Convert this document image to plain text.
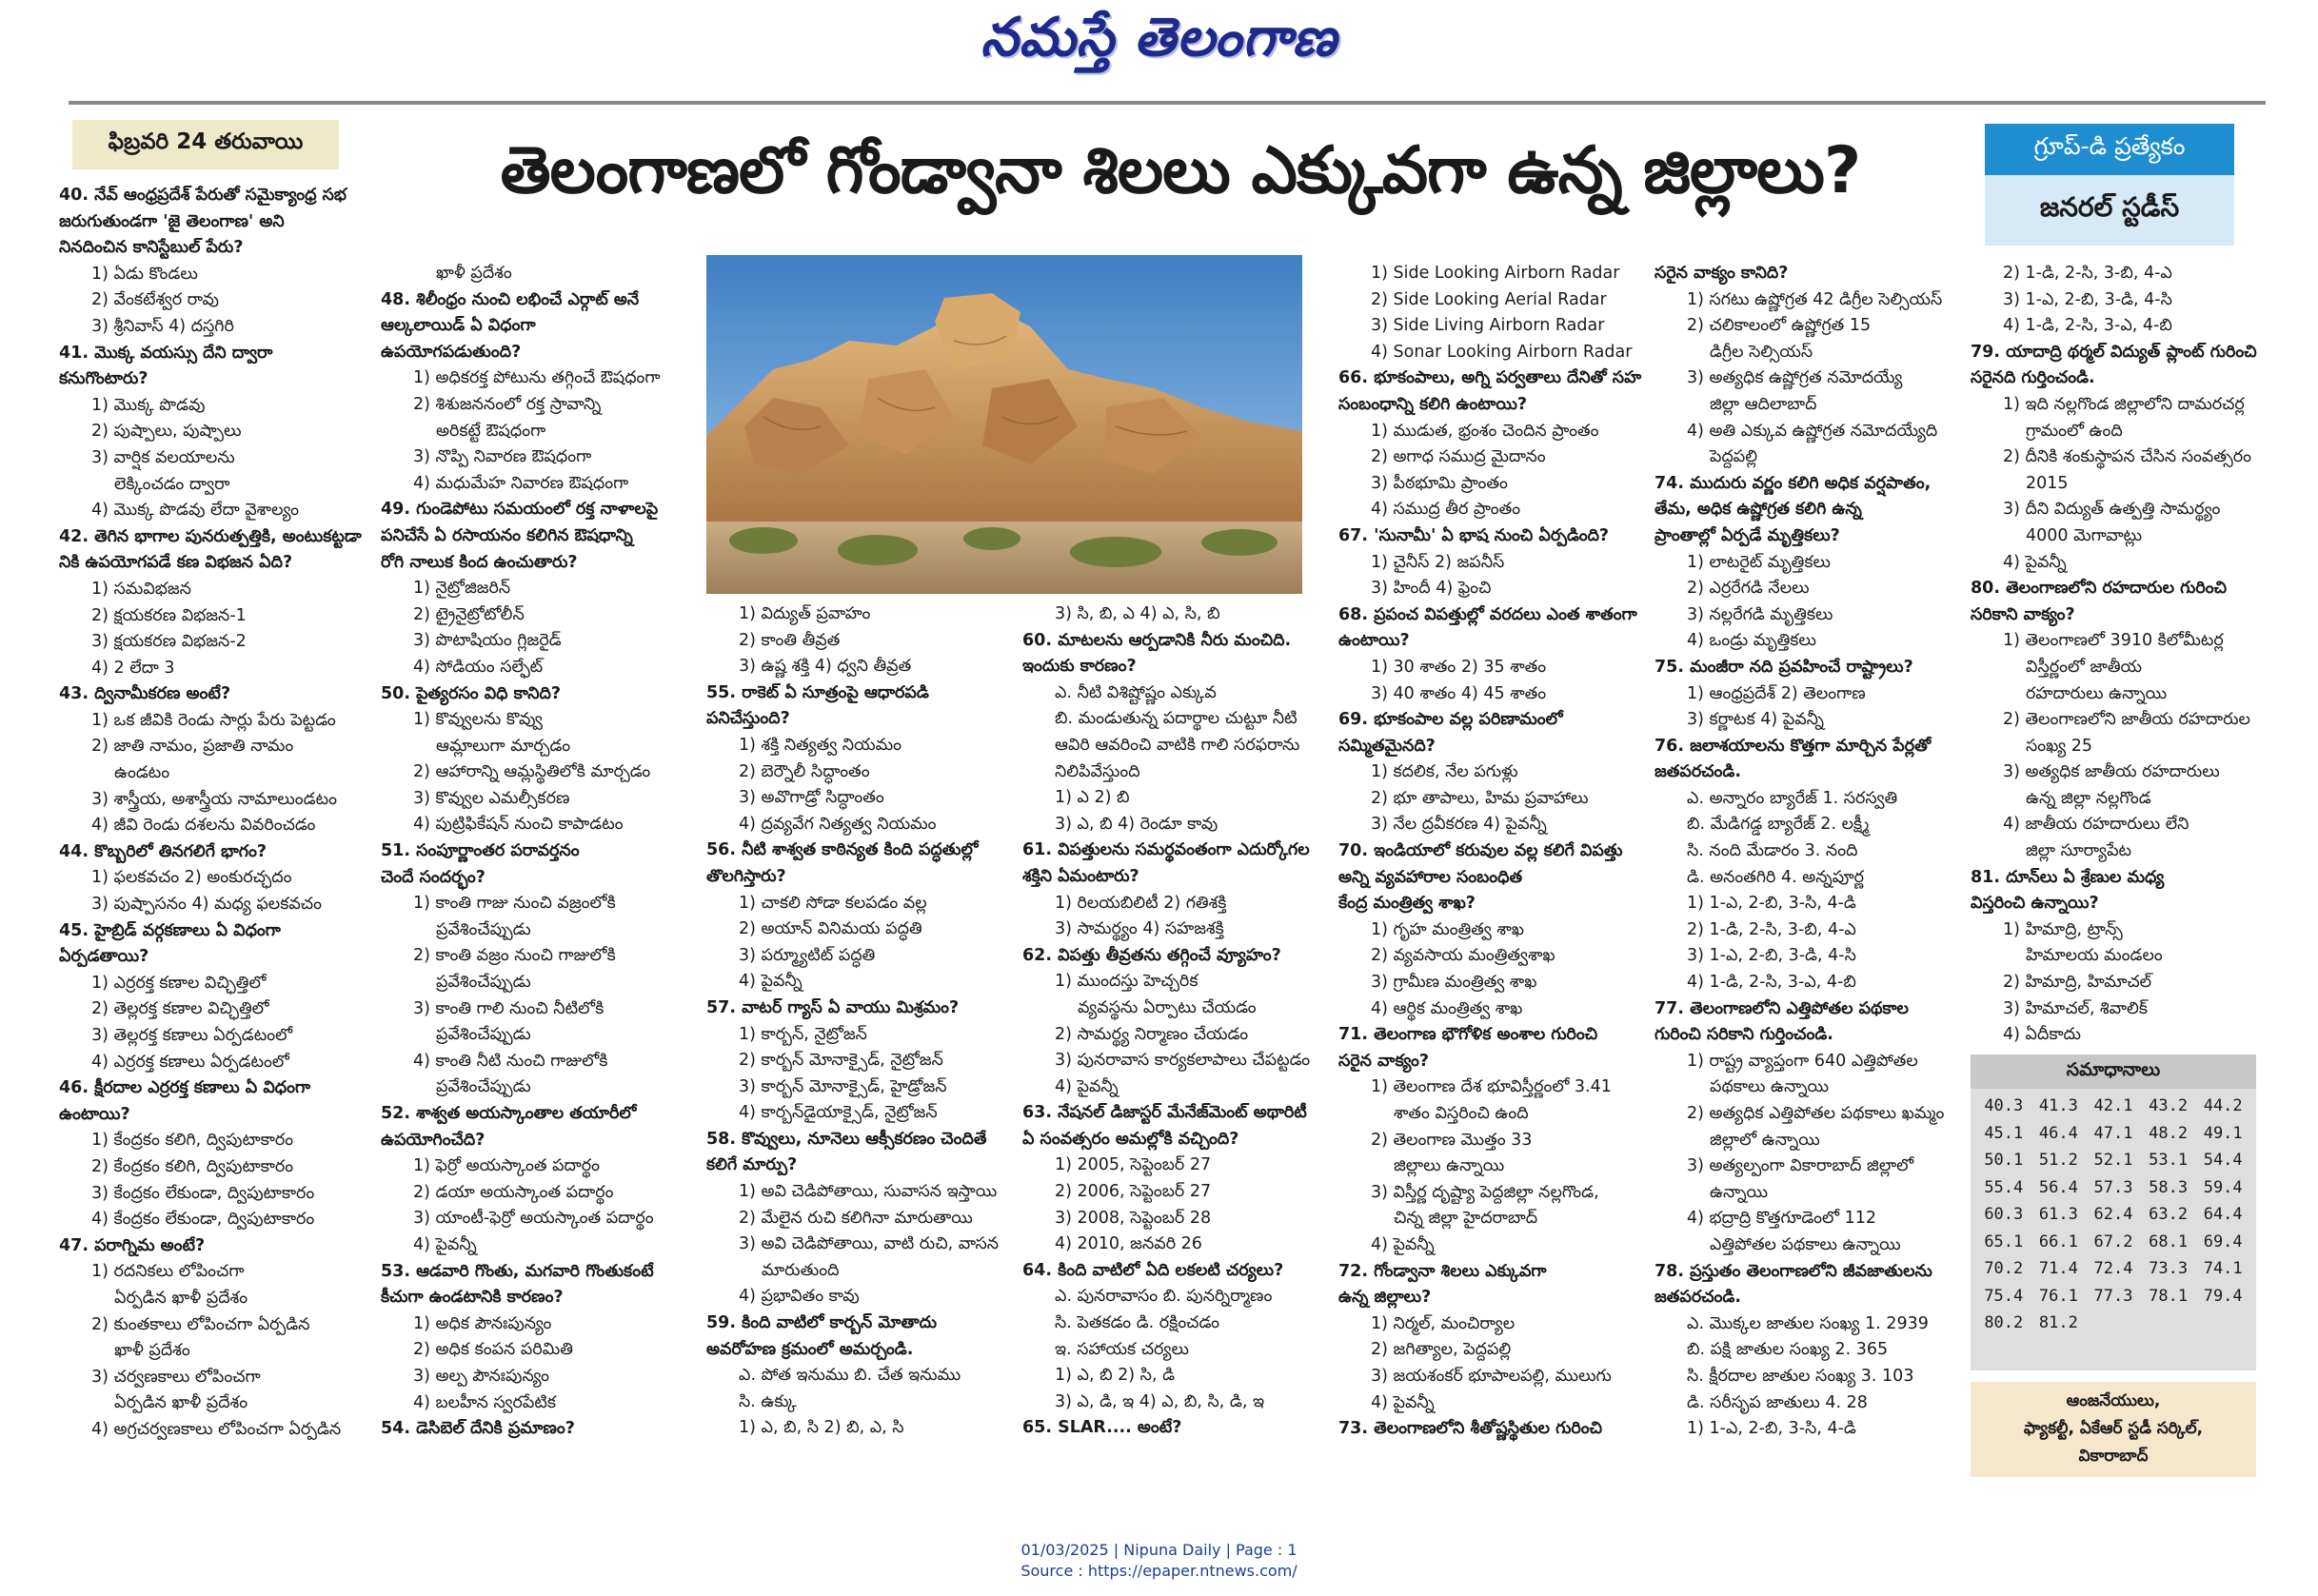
నమస్తే తెలంగాణ
ఫిబ్రవరి 24 తరువాయి	తెలంగాణలో గోండ్వానా శిలలు ఎక్కువగా ఉన్న జిల్లాలు?	గ్రూప్‌-డి ప్రత్యేకం
జనరల్‌ స్టడీస్‌

40. నేవ్‌ ఆంధ్రప్రదేశ్‌ పేరుతో సమైక్యాంధ్ర సభ

జరుగుతుండగా 'జై తెలంగాణ' అని

నినదించిన కానిస్టేబుల్‌ పేరు?

1) ఏడు కొండలు

2) వేంకటేశ్వర రావు

3) శ్రీనివాస్‌ 4) దస్తగిరి

41. మొక్క వయస్సు దేని ద్వారా

కనుగొంటారు?

1) మొక్క పొడవు

2) పుష్పాలు, పుష్పాలు

3) వార్షిక వలయాలను

లెక్కించడం ద్వారా

4) మొక్క పొడవు లేదా వైశాల్యం

42. తెగిన భాగాల పునరుత్పత్తికి, అంటుకట్టడా

నికి ఉపయోగపడే కణ విభజన ఏది?

1) సమవిభజన

2) క్షయకరణ విభజన-1

3) క్షయకరణ విభజన-2

4) 2 లేదా 3

43. ద్వినామీకరణ అంటే?

1) ఒక జీవికి రెండు సార్లు పేరు పెట్టడం

2) జాతి నామం, ప్రజాతి నామం

ఉండటం

3) శాస్త్రీయ, అశాస్త్రీయ నామాలుండటం

4) జీవి రెండు దశలను వివరించడం

44. కొబ్బరిలో తినగలిగే భాగం?

1) ఫలకవచం 2) అంకురచ్ఛదం

3) పుష్పాసనం 4) మధ్య ఫలకవచం

45. హైబ్రిడ్‌ వర్గకణాలు ఏ విధంగా

ఏర్పడతాయి?

1) ఎర్రరక్త కణాల విచ్ఛిత్తిలో

2) తెల్లరక్త కణాల విచ్ఛిత్తిలో

3) తెల్లరక్త కణాలు ఏర్పడటంలో

4) ఎర్రరక్త కణాలు ఏర్పడటంలో

46. క్షీరదాల ఎర్రరక్త కణాలు ఏ విధంగా

ఉంటాయి?

1) కేంద్రకం కలిగి, ద్విపుటాకారం

2) కేంద్రకం కలిగి, ద్విపుటాకారం

3) కేంద్రకం లేకుండా, ద్విపుటాకారం

4) కేంద్రకం లేకుండా, ద్విపుటాకారం

47. పరాగ్నిమ అంటే?

1) రదనికలు లోపించగా

ఏర్పడిన ఖాళీ ప్రదేశం

2) కుంతకాలు లోపించగా ఏర్పడిన

ఖాళీ ప్రదేశం

3) చర్వణకాలు లోపించగా

ఏర్పడిన ఖాళీ ప్రదేశం

4) అగ్రచర్వణకాలు లోపించగా ఏర్పడిన

ఖాళీ ప్రదేశం

48. శిలీంధ్రం నుంచి లభించే ఎర్గాట్‌ అనే

ఆల్కలాయిడ్‌ ఏ విధంగా

ఉపయోగపడుతుంది?

1) అధికరక్త పోటును తగ్గించే ఔషధంగా

2) శిశుజననంలో రక్త స్రావాన్ని

అరికట్టే ఔషధంగా

3) నొప్పి నివారణ ఔషధంగా

4) మధుమేహ నివారణ ఔషధంగా

49. గుండెపోటు సమయంలో రక్త నాళాలపై

పనిచేసే ఏ రసాయనం కలిగిన ఔషధాన్ని

రోగి నాలుక కింద ఉంచుతారు?

1) నైట్రోజిజరిన్‌

2) ట్రైనైట్రోటోలీన్‌

3) పొటాషియం గ్లిజరైడ్‌

4) సోడియం సల్ఫేట్‌

50. పైత్యరసం విధి కానిది?

1) కొవ్వులను కొవ్వు

ఆమ్లాలుగా మార్చడం

2) ఆహారాన్ని ఆమ్లస్థితిలోకి మార్చడం

3) కొవ్వుల ఎమల్సీకరణ

4) పుట్రిఫికేషన్‌ నుంచి కాపాడటం

51. సంపూర్ణాంతర పరావర్తనం

చెందే సందర్భం?

1) కాంతి గాజు నుంచి వజ్రంలోకి

ప్రవేశించేప్పుడు

2) కాంతి వజ్రం నుంచి గాజులోకి

ప్రవేశించేప్పుడు

3) కాంతి గాలి నుంచి నీటిలోకి

ప్రవేశించేప్పుడు

4) కాంతి నీటి నుంచి గాజులోకి

ప్రవేశించేప్పుడు

52. శాశ్వత అయస్కాంతాల తయారీలో

ఉపయోగించేది?

1) ఫెర్రో అయస్కాంత పదార్థం

2) డయా అయస్కాంత పదార్థం

3) యాంటీ-ఫెర్రో అయస్కాంత పదార్థం

4) పైవన్నీ

53. ఆడవారి గొంతు, మగవారి గొంతుకంటే

కీచుగా ఉండటానికి కారణం?

1) అధిక పౌనఃపున్యం

2) అధిక కంపన పరిమితి

3) అల్ప పౌనఃపున్యం

4) బలహీన స్వరపేటిక

54. డెసిబెల్‌ దేనికి ప్రమాణం?

1) విద్యుత్‌ ప్రవాహం

2) కాంతి తీవ్రత

3) ఉష్ణ శక్తి 4) ధ్వని తీవ్రత

55. రాకెట్‌ ఏ సూత్రంపై ఆధారపడి

పనిచేస్తుంది?

1) శక్తి నిత్యత్వ నియమం

2) బెర్నౌలీ సిద్ధాంతం

3) అవొగాడ్రో సిద్ధాంతం

4) ద్రవ్యవేగ నిత్యత్వ నియమం

56. నీటి శాశ్వత కాఠిన్యత కింది పద్ధతుల్లో

తొలగిస్తారు?

1) చాకలి సోడా కలపడం వల్ల

2) అయాన్‌ వినిమయ పద్ధతి

3) పర్మ్యూటిట్‌ పద్ధతి

4) పైవన్నీ

57. వాటర్‌ గ్యాస్‌ ఏ వాయు మిశ్రమం?

1) కార్బన్‌, నైట్రోజన్‌

2) కార్బన్‌ మోనాక్సైడ్‌, నైట్రోజన్‌

3) కార్బన్‌ మోనాక్సైడ్‌, హైడ్రోజన్‌

4) కార్బన్‌డైయాక్సైడ్‌, నైట్రోజన్‌

58. కొవ్వులు, నూనెలు ఆక్సీకరణం చెందితే

కలిగే మార్పు?

1) అవి చెడిపోతాయి, సువాసన ఇస్తాయి

2) మేలైన రుచి కలిగినా మారుతాయి

3) అవి చెడిపోతాయి, వాటి రుచి, వాసన

మారుతుంది

4) ప్రభావితం కావు

59. కింది వాటిలో కార్బన్‌ మోతాదు

అవరోహణ క్రమంలో అమర్చండి.

ఎ. పోత ఇనుము బి. చేత ఇనుము

సి. ఉక్కు

1) ఎ, బి, సి 2) బి, ఎ, సి

3) సి, బి, ఎ 4) ఎ, సి, బి

60. మాటలను ఆర్పడానికి నీరు మంచిది.

ఇందుకు కారణం?

ఎ. నీటి విశిష్టోష్ణం ఎక్కువ

బి. మండుతున్న పదార్థాల చుట్టూ నీటి

ఆవిరి ఆవరించి వాటికి గాలి సరఫరాను

నిలిపివేస్తుంది

1) ఎ 2) బి

3) ఎ, బి 4) రెండూ కావు

61. విపత్తులను సమర్థవంతంగా ఎదుర్కోగల

శక్తిని ఏమంటారు?

1) రిలయబిలిటీ 2) గతిశక్తి

3) సామర్థ్యం 4) సహజశక్తి

62. విపత్తు తీవ్రతను తగ్గించే వ్యూహం?

1) ముందస్తు హెచ్చరిక

వ్యవస్థను ఏర్పాటు చేయడం

2) సామర్థ్య నిర్మాణం చేయడం

3) పునరావాస కార్యకలాపాలు చేపట్టడం

4) పైవన్నీ

63. నేషనల్‌ డిజాస్టర్‌ మేనేజ్‌మెంట్‌ అథారిటీ

ఏ సంవత్సరం అమల్లోకి వచ్చింది?

1) 2005, సెప్టెంబర్‌ 27

2) 2006, సెప్టెంబర్‌ 27

3) 2008, సెప్టెంబర్‌ 28

4) 2010, జనవరి 26

64. కింది వాటిలో ఏది లకలటి చర్యలు?

ఎ. పునరావాసం బి. పునర్నిర్మాణం

సి. పెతకడం డి. రక్షించడం

ఇ. సహాయక చర్యలు

1) ఎ, బి 2) సి, డి

3) ఎ, డి, ఇ 4) ఎ, బి, సి, డి, ఇ

65. SLAR.... అంటే?

1) Side Looking Airborn Radar

2) Side Looking Aerial Radar

3) Side Living Airborn Radar

4) Sonar Looking Airborn Radar

66. భూకంపాలు, అగ్ని పర్వతాలు దేనితో సహ

సంబంధాన్ని కలిగి ఉంటాయి?

1) ముడుత, భ్రంశం చెందిన ప్రాంతం

2) అగాధ సముద్ర మైదానం

3) పీఠభూమి ప్రాంతం

4) సముద్ర తీర ప్రాంతం

67. 'సునామీ' ఏ భాష నుంచి ఏర్పడింది?

1) చైనీస్‌ 2) జపనీస్‌

3) హిందీ 4) ఫ్రెంచి

68. ప్రపంచ విపత్తుల్లో వరదలు ఎంత శాతంగా

ఉంటాయి?

1) 30 శాతం 2) 35 శాతం

3) 40 శాతం 4) 45 శాతం

69. భూకంపాల వల్ల పరిణామంలో

సమ్మితమైనది?

1) కదలిక, నేల పగుళ్లు

2) భూ తాపాలు, హిమ ప్రవాహాలు

3) నేల ద్రవీకరణ 4) పైవన్నీ

70. ఇండియాలో కరువుల వల్ల కలిగే విపత్తు

అన్ని వ్యవహారాల సంబంధిత

కేంద్ర మంత్రిత్వ శాఖ?

1) గృహ మంత్రిత్వ శాఖ

2) వ్యవసాయ మంత్రిత్వశాఖ

3) గ్రామీణ మంత్రిత్వ శాఖ

4) ఆర్థిక మంత్రిత్వ శాఖ

71. తెలంగాణ భౌగోళిక అంశాల గురించి

సరైన వాక్యం?

1) తెలంగాణ దేశ భూవిస్తీర్ణంలో 3.41

శాతం విస్తరించి ఉంది

2) తెలంగాణ మొత్తం 33

జిల్లాలు ఉన్నాయి

3) విస్తీర్ణ దృష్ట్యా పెద్దజిల్లా నల్లగొండ,

చిన్న జిల్లా హైదరాబాద్‌

4) పైవన్నీ

72. గోండ్వానా శిలలు ఎక్కువగా

ఉన్న జిల్లాలు?

1) నిర్మల్‌, మంచిర్యాల

2) జగిత్యాల, పెద్దపల్లి

3) జయశంకర్‌ భూపాలపల్లి, ములుగు

4) పైవన్నీ

73. తెలంగాణలోని శీతోష్ణస్థితుల గురించి

సరైన వాక్యం కానిది?

1) సగటు ఉష్ణోగ్రత 42 డిగ్రీల సెల్సియస్‌

2) చలికాలంలో ఉష్ణోగ్రత 15

డిగ్రీల సెల్సియస్‌

3) అత్యధిక ఉష్ణోగ్రత నమోదయ్యే

జిల్లా ఆదిలాబాద్‌

4) అతి ఎక్కువ ఉష్ణోగ్రత నమోదయ్యేది

పెద్దపల్లి

74. ముదురు వర్ణం కలిగి అధిక వర్షపాతం,

తేమ, అధిక ఉష్ణోగ్రత కలిగి ఉన్న

ప్రాంతాల్లో ఏర్పడే మృత్తికలు?

1) లాటరైట్‌ మృత్తికలు

2) ఎర్రరేగడి నేలలు

3) నల్లరేగడి మృత్తికలు

4) ఒండ్రు మృత్తికలు

75. మంజీరా నది ప్రవహించే రాష్ట్రాలు?

1) ఆంధ్రప్రదేశ్‌ 2) తెలంగాణ

3) కర్ణాటక 4) పైవన్నీ

76. జలాశయాలను కొత్తగా మార్చిన పేర్లతో

జతపరచండి.

ఎ. అన్నారం బ్యారేజ్‌ 1. సరస్వతి

బి. మేడిగడ్డ బ్యారేజ్‌ 2. లక్ష్మీ

సి. నంది మేడారం 3. నంది

డి. అనంతగిరి 4. అన్నపూర్ణ

1) 1-ఎ, 2-బి, 3-సి, 4-డి

2) 1-డి, 2-సి, 3-బి, 4-ఎ

3) 1-ఎ, 2-బి, 3-డి, 4-సి

4) 1-డి, 2-సి, 3-ఎ, 4-బి

77. తెలంగాణలోని ఎత్తిపోతల పథకాల

గురించి సరికాని గుర్తించండి.

1) రాష్ట్ర వ్యాప్తంగా 640 ఎత్తిపోతల

పథకాలు ఉన్నాయి

2) అత్యధిక ఎత్తిపోతల పథకాలు ఖమ్మం

జిల్లాలో ఉన్నాయి

3) అత్యల్పంగా వికారాబాద్‌ జిల్లాలో

ఉన్నాయి

4) భద్రాద్రి కొత్తగూడెంలో 112

ఎత్తిపోతల పథకాలు ఉన్నాయి

78. ప్రస్తుతం తెలంగాణలోని జీవజాతులను

జతపరచండి.

ఎ. మొక్కల జాతుల సంఖ్య 1. 2939

బి. పక్షి జాతుల సంఖ్య 2. 365

సి. క్షీరదాల జాతుల సంఖ్య 3. 103

డి. సరీసృప జాతులు 4. 28

1) 1-ఎ, 2-బి, 3-సి, 4-డి

2) 1-డి, 2-సి, 3-బి, 4-ఎ

3) 1-ఎ, 2-బి, 3-డి, 4-సి

4) 1-డి, 2-సి, 3-ఎ, 4-బి

79. యాదాద్రి థర్మల్‌ విద్యుత్‌ ప్లాంట్‌ గురించి

సరైనది గుర్తించండి.

1) ఇది నల్లగొండ జిల్లాలోని దామరచర్ల

గ్రామంలో ఉంది

2) దీనికి శంకుస్థాపన చేసిన సంవత్సరం

2015

3) దీని విద్యుత్‌ ఉత్పత్తి సామర్థ్యం

4000 మెగావాట్లు

4) పైవన్నీ

80. తెలంగాణలోని రహదారుల గురించి

సరికాని వాక్యం?

1) తెలంగాణలో 3910 కిలోమీటర్ల

విస్తీర్ణంలో జాతీయ

రహదారులు ఉన్నాయి

2) తెలంగాణలోని జాతీయ రహదారుల

సంఖ్య 25

3) అత్యధిక జాతీయ రహదారులు

ఉన్న జిల్లా నల్లగొండ

4) జాతీయ రహదారులు లేని

జిల్లా సూర్యాపేట

81. దూన్‌లు ఏ శ్రేణుల మధ్య

విస్తరించి ఉన్నాయి?

1) హిమాద్రి, ట్రాన్స్‌

హిమాలయ మండలం

2) హిమాద్రి, హిమాచల్‌

3) హిమాచల్‌, శివాలిక్‌

4) ఏదీకాదు

సమాధానాలు
40.3 41.3 42.1 43.2 44.2
45.1 46.4 47.1 48.2 49.1
50.1 51.2 52.1 53.1 54.4
55.4 56.4 57.3 58.3 59.4
60.3 61.3 62.4 63.2 64.4
65.1 66.1 67.2 68.1 69.4
70.2 71.4 72.4 73.3 74.1
75.4 76.1 77.3 78.1 79.4
80.2 81.2
ఆంజనేయులు,
ఫ్యాకల్టీ, ఏకేఆర్‌ స్టడీ సర్కిల్‌,
వికారాబాద్‌
01/03/2025 | Nipuna Daily | Page : 1
Source : https://epaper.ntnews.com/
